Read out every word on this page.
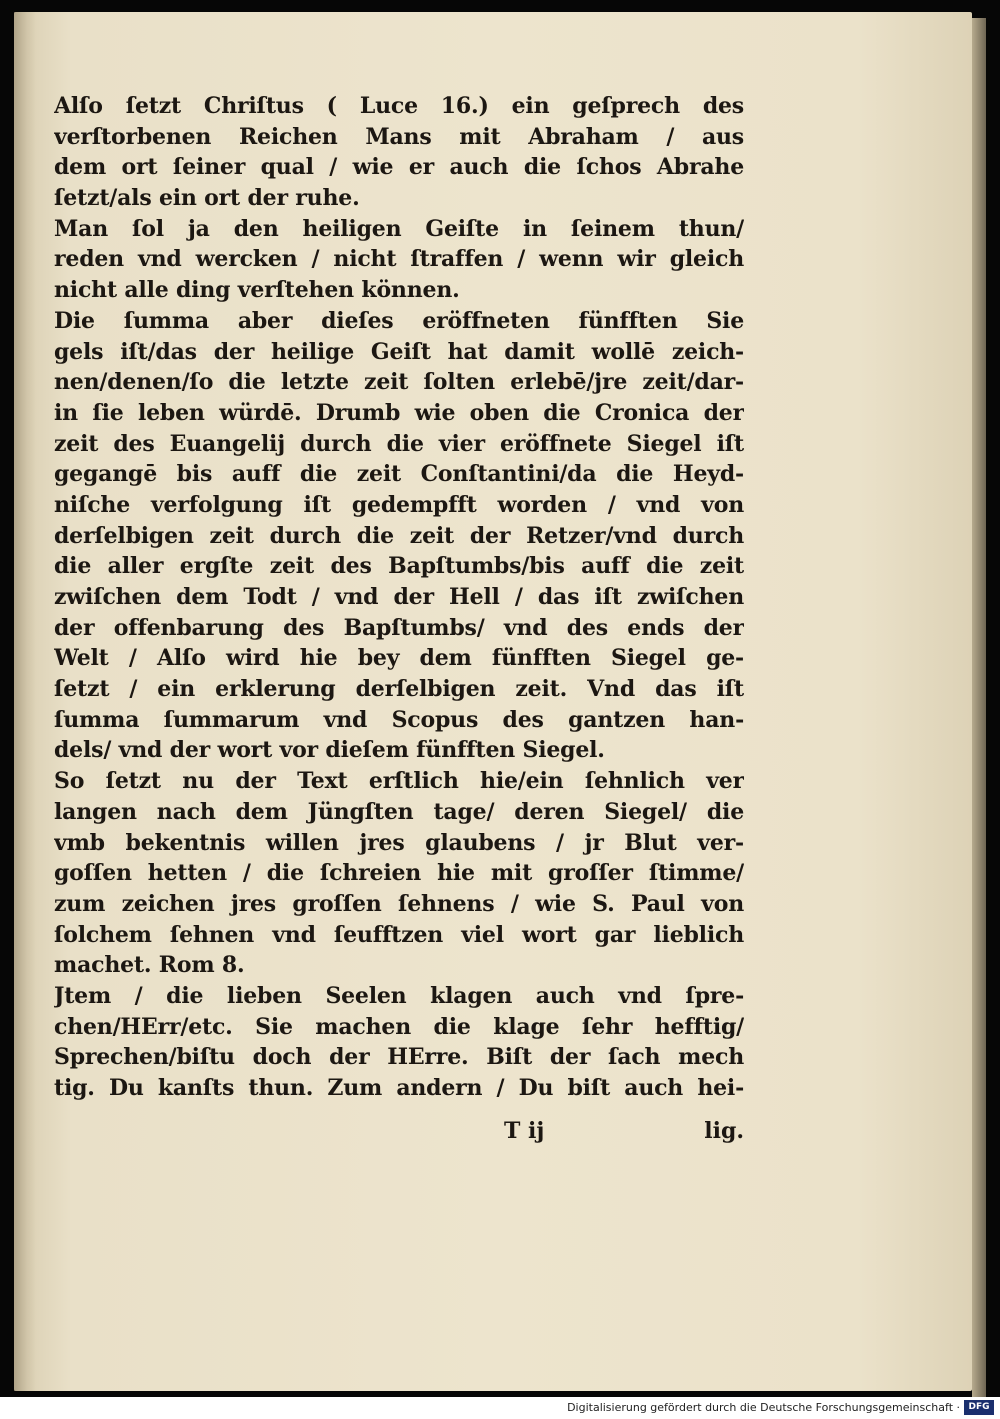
Alſo ſetzt Chriſtus ( Luce 16.) ein geſprech des
verſtorbenen Reichen Mans mit Abraham / aus
dem ort ſeiner qual / wie er auch die ſchos Abrahe
ſetzt/als ein ort der ruhe.
Man ſol ja den heiligen Geiſte in ſeinem thun/
reden vnd wercken / nicht ſtraffen / wenn wir gleich
nicht alle ding verſtehen können.
Die ſumma aber dieſes eröffneten fünfften Sie
gels iſt/das der heilige Geiſt hat damit wollē zeich-
nen/denen/ſo die letzte zeit ſolten erlebē/jre zeit/dar-
in ſie leben würdē. Drumb wie oben die Cronica der
zeit des Euangelij durch die vier eröffnete Siegel iſt
gegangē bis auff die zeit Conſtantini/da die Heyd-
niſche verfolgung iſt gedempfft worden / vnd von
derſelbigen zeit durch die zeit der Retzer/vnd durch
die aller ergſte zeit des Bapſtumbs/bis auff die zeit
zwiſchen dem Todt / vnd der Hell / das iſt zwiſchen
der offenbarung des Bapſtumbs/ vnd des ends der
Welt / Alſo wird hie bey dem fünfften Siegel ge-
ſetzt / ein erklerung derſelbigen zeit. Vnd das iſt
ſumma ſummarum vnd Scopus des gantzen han-
dels/ vnd der wort vor dieſem fünfften Siegel.
So ſetzt nu der Text erſtlich hie/ein ſehnlich ver
langen nach dem Jüngſten tage/ deren Siegel/ die
vmb bekentnis willen jres glaubens / jr Blut ver-
goſſen hetten / die ſchreien hie mit groſſer ſtimme/
zum zeichen jres groſſen ſehnens / wie S. Paul von
ſolchem ſehnen vnd ſeufftzen viel wort gar lieblich
machet. Rom 8.
Jtem / die lieben Seelen klagen auch vnd ſpre-
chen/HErr/etc. Sie machen die klage ſehr hefftig/
Sprechen/biſtu doch der HErre. Biſt der ſach mech
tig. Du kanſts thun. Zum andern / Du biſt auch hei-
T ij	lig.
Digitalisierung gefördert durch die Deutsche Forschungsgemeinschaft · DFG
